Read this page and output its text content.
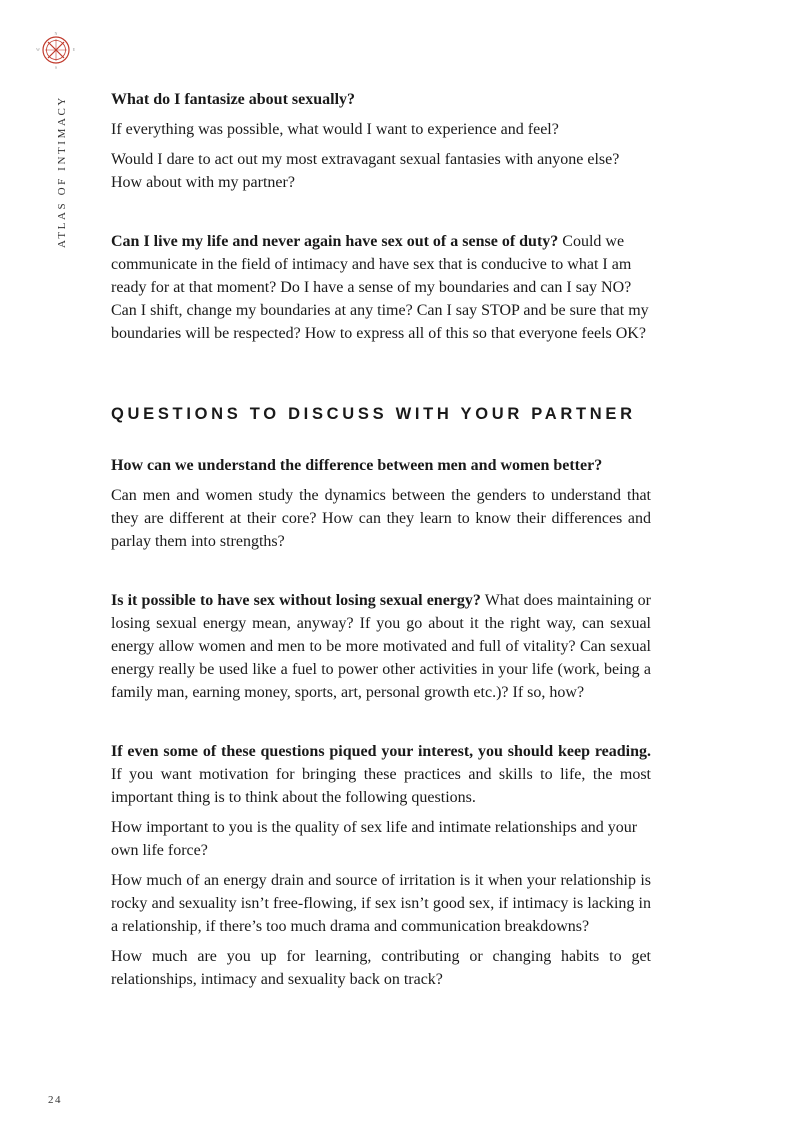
N
S
E
W
ATLAS OF INTIMACY	What do I fantasize about sexually?

If everything was possible, what would I want to experience and feel?

Would I dare to act out my most extravagant sexual fantasies with anyone else? How about with my partner?

Can I live my life and never again have sex out of a sense of duty? Could we communicate in the field of intimacy and have sex that is conducive to what I am ready for at that moment? Do I have a sense of my boundaries and can I say NO? Can I shift, change my boundaries at any time? Can I say STOP and be sure that my boundaries will be respected? How to express all of this so that everyone feels OK?

QUESTIONS TO DISCUSS WITH YOUR PARTNER

How can we understand the difference between men and women better?

Can men and women study the dynamics between the genders to understand that they are different at their core? How can they learn to know their differences and parlay them into strengths?

Is it possible to have sex without losing sexual energy? What does maintaining or losing sexual energy mean, anyway? If you go about it the right way, can sexual energy allow women and men to be more motivated and full of vitality? Can sexual energy really be used like a fuel to power other activities in your life (work, being a family man, earning money, sports, art, personal growth etc.)? If so, how?

If even some of these questions piqued your interest, you should keep reading. If you want motivation for bringing these practices and skills to life, the most important thing is to think about the following questions.

How important to you is the quality of sex life and intimate relationships and your own life force?

How much of an energy drain and source of irritation is it when your relationship is rocky and sexuality isn’t free-flowing, if sex isn’t good sex, if intimacy is lacking in a relationship, if there’s too much drama and communication breakdowns?

How much are you up for learning, contributing or changing habits to get relationships, intimacy and sexuality back on track?

24
